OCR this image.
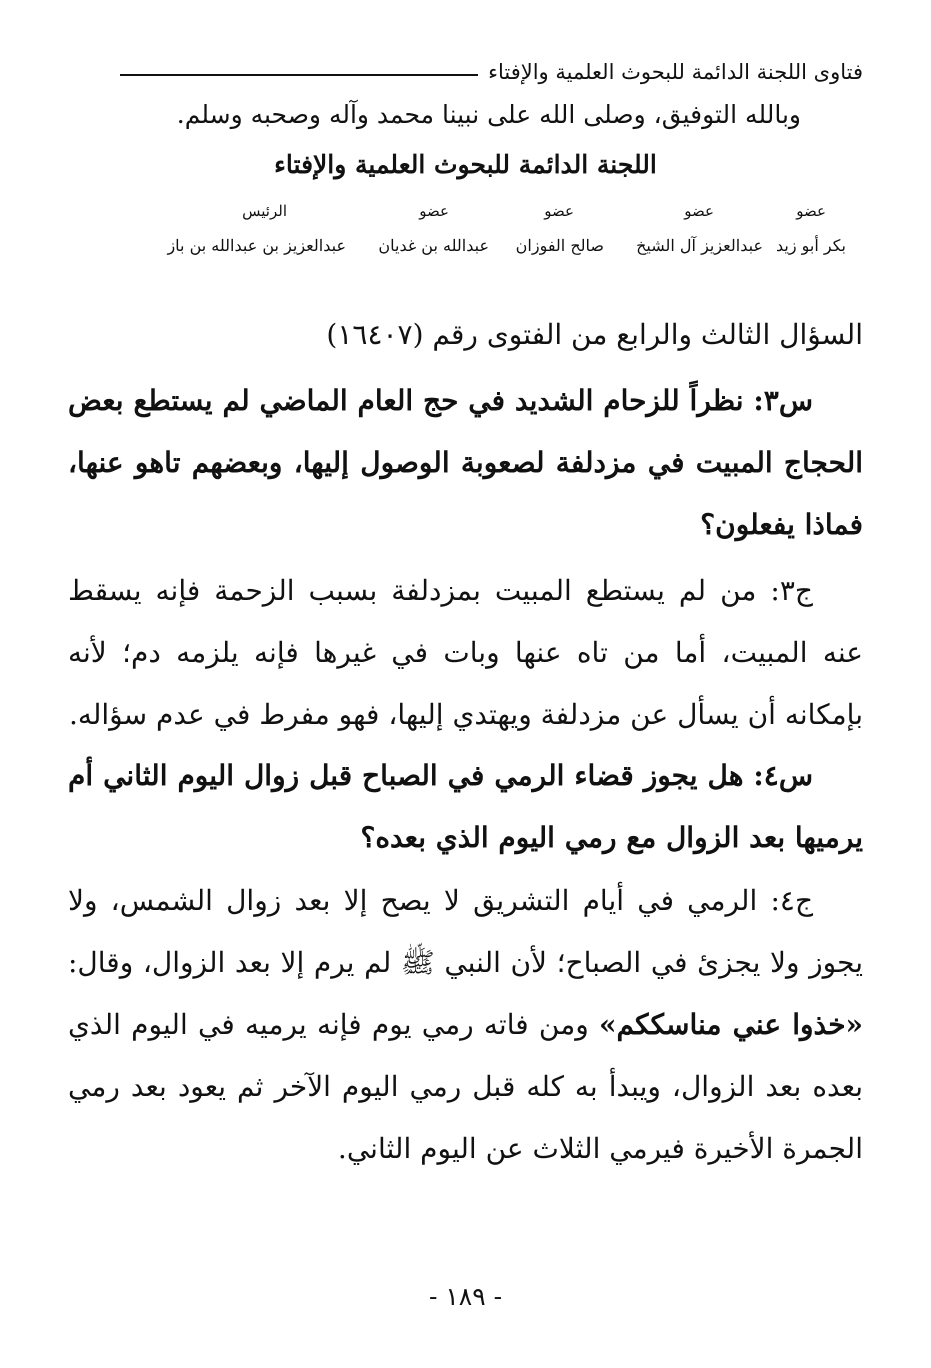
فتاوى اللجنة الدائمة للبحوث العلمية والإفتاء
وبالله التوفيق، وصلى الله على نبينا محمد وآله وصحبه وسلم.
اللجنة الدائمة للبحوث العلمية والإفتاء
عضو
عضو
عضو
عضو
الرئيس
بكر أبو زيد
عبدالعزيز آل الشيخ
صالح الفوزان
عبدالله بن غديان
عبدالعزيز بن عبدالله بن باز
السؤال الثالث والرابع من الفتوى رقم (١٦٤٠٧)
س٣: نظراً للزحام الشديد في حج العام الماضي لم يستطع بعض الحجاج المبيت في مزدلفة لصعوبة الوصول إليها، وبعضهم تاهو عنها، فماذا يفعلون؟
ج٣: من لم يستطع المبيت بمزدلفة بسبب الزحمة فإنه يسقط عنه المبيت، أما من تاه عنها وبات في غيرها فإنه يلزمه دم؛ لأنه بإمكانه أن يسأل عن مزدلفة ويهتدي إليها، فهو مفرط في عدم سؤاله.
س٤: هل يجوز قضاء الرمي في الصباح قبل زوال اليوم الثاني أم يرميها بعد الزوال مع رمي اليوم الذي بعده؟
ج٤: الرمي في أيام التشريق لا يصح إلا بعد زوال الشمس، ولا يجوز ولا يجزئ في الصباح؛ لأن النبي ﷺ لم يرم إلا بعد الزوال، وقال: «خذوا عني مناسككم» ومن فاته رمي يوم فإنه يرميه في اليوم الذي بعده بعد الزوال، ويبدأ به كله قبل رمي اليوم الآخر ثم يعود بعد رمي الجمرة الأخيرة فيرمي الثلاث عن اليوم الثاني.
- ١٨٩ -
